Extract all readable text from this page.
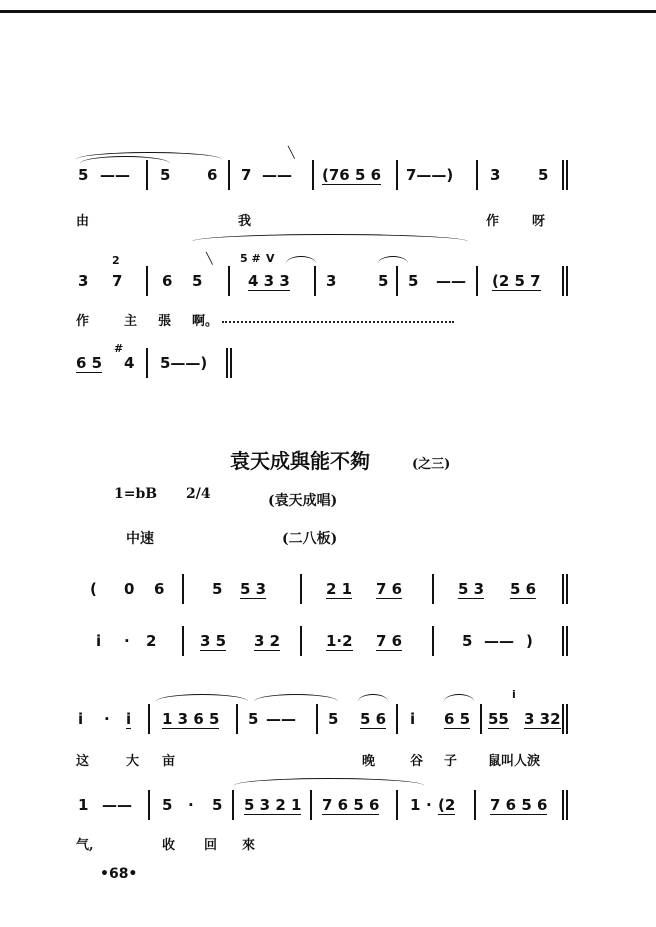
5 —— 5 6 7 ——
╲
(76 5 6 7——) 3	5
由	我	作	呀
3
2
7	6 5
╲ 5 # V
4 3 3 3	5 5 —— (2 5 7
作	主 張 啊。
6 5
#
4 5——)
袁天成與能不夠	(之三)
1=bB 2/4	(袁天成唱)
中速	(二八板)
( 0 6	5 5 3	2 1 7 6	5 3 5 6
i · 2	3 5 3 2	1·2 7 6	5 —— )
i · i 1 3 6 5 5 —— 5 5 6 i 6 5 55
i
3 32
这	大 亩	晚	谷 子 鼠叫人淚
1 —— 5 · 5 5 3 2 1 7 6 5 6 1 · (2 7 6 5 6
气,	收 回 來
•68•
